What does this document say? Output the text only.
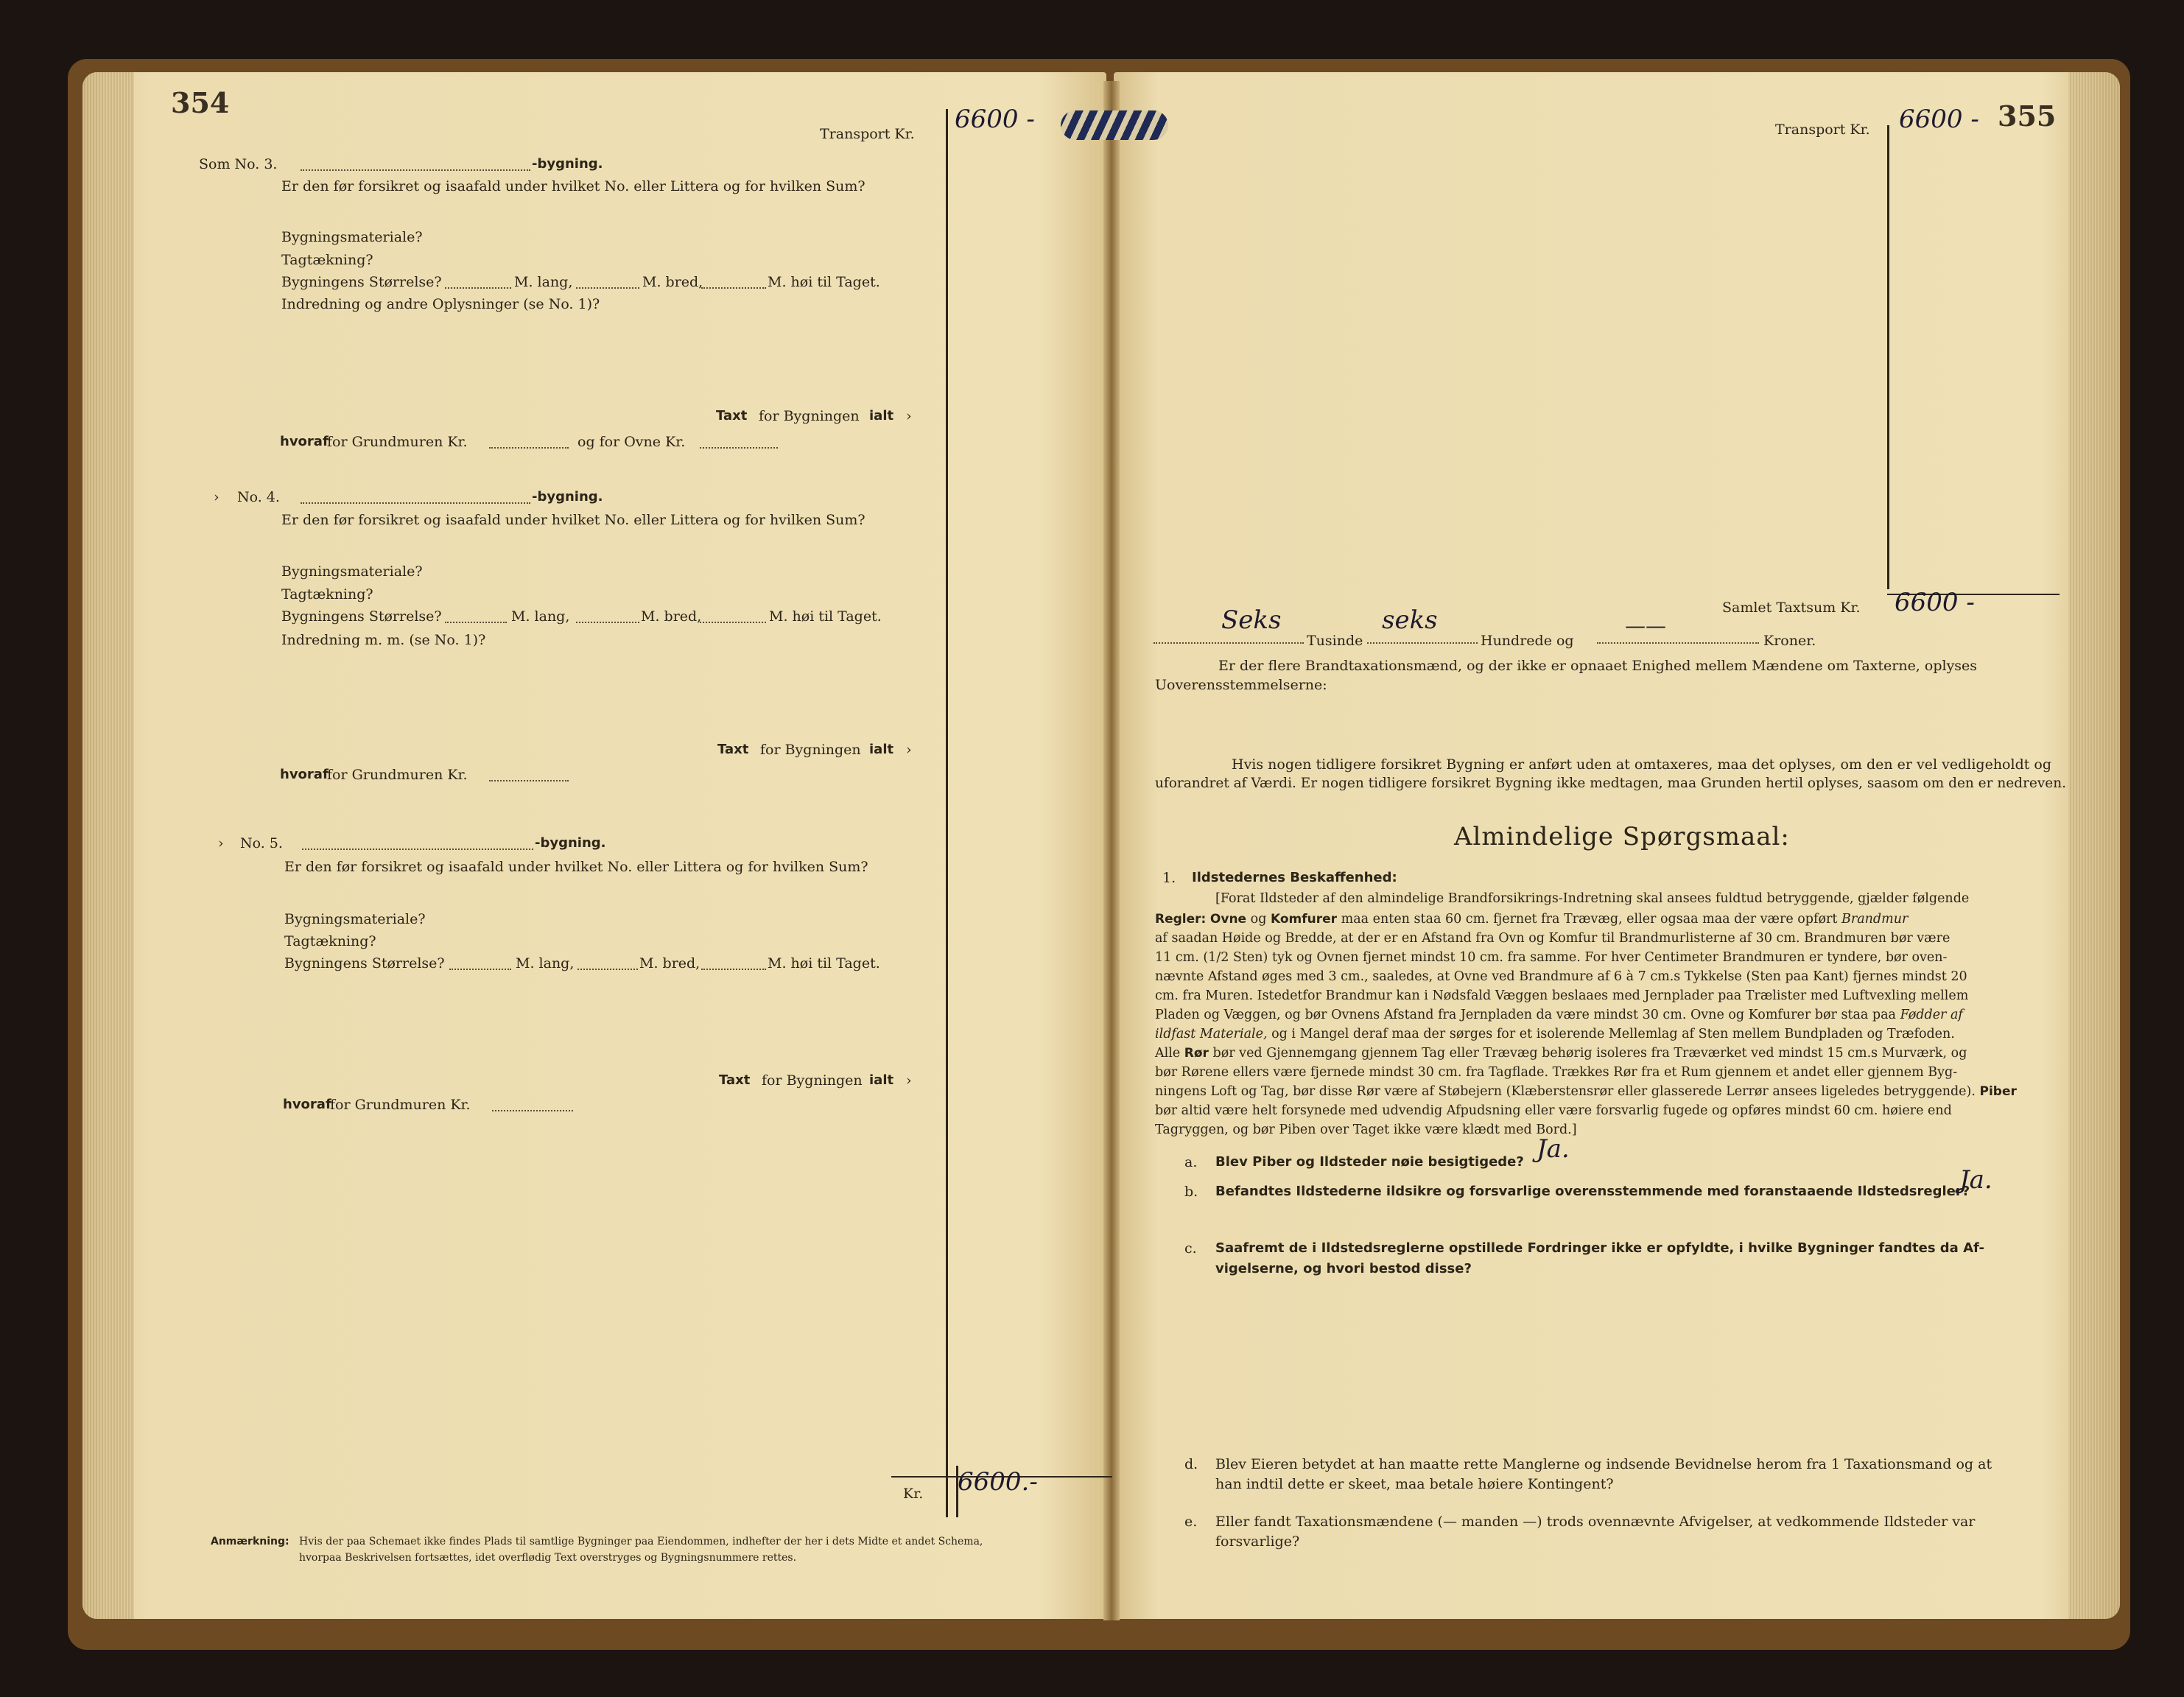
354
Transport Kr. 6600 -
Som No. 3.	-bygning.
Er den før forsikret og isaafald under hvilket No. eller Littera og for hvilken Sum?
Bygningsmateriale?
Tagtækning?
Bygningens Størrelse?	M. lang,	M. bred,	M. høi til Taget.
Indredning og andre Oplysninger (se No. 1)?
Taxt for Bygningen ialt ›
hvoraf
for Grundmuren Kr.	og for Ovne Kr.
› No. 4.	-bygning.
Er den før forsikret og isaafald under hvilket No. eller Littera og for hvilken Sum?
Bygningsmateriale?
Tagtækning?
Bygningens Størrelse?	M. lang,	M. bred,	M. høi til Taget.
Indredning m. m. (se No. 1)?
Taxt for Bygningen ialt ›
hvoraf
for Grundmuren Kr.
› No. 5.	-bygning.
Er den før forsikret og isaafald under hvilket No. eller Littera og for hvilken Sum?
Bygningsmateriale?
Tagtækning?
Bygningens Størrelse?	M. lang,	M. bred,	M. høi til Taget.
Taxt for Bygningen ialt ›
hvoraf
for Grundmuren Kr.
Kr. 6600.-
Anmærkning: Hvis der paa Schemaet ikke findes Plads til samtlige Bygninger paa Eiendommen, indhefter der her i dets Midte et andet Schema,
hvorpaa Beskrivelsen fortsættes, idet overflødig Text overstryges og Bygningsnummere rettes.
Transport Kr. 6600 - 355
Samlet Taxtsum Kr. 6600 -
Seks
Tusinde
seks
Hundrede og
——
Kroner.
Er der flere Brandtaxationsmænd, og der ikke er opnaaet Enighed mellem Mændene om Taxterne, oplyses
Uoverensstemmelserne:
Hvis nogen tidligere forsikret Bygning er anført uden at omtaxeres, maa det oplyses, om den er vel vedligeholdt og
uforandret af Værdi. Er nogen tidligere forsikret Bygning ikke medtagen, maa Grunden hertil oplyses, saasom om den er nedreven.
Almindelige Spørgsmaal:
1. Ildstedernes Beskaffenhed:
[Forat Ildsteder af den almindelige Brandforsikrings-Indretning skal ansees fuldtud betryggende, gjælder følgende
Regler: Ovne og Komfurer maa enten staa 60 cm. fjernet fra Trævæg, eller ogsaa maa der være opført Brandmur
af saadan Høide og Bredde, at der er en Afstand fra Ovn og Komfur til Brandmurlisterne af 30 cm. Brandmuren bør være
11 cm. (1/2 Sten) tyk og Ovnen fjernet mindst 10 cm. fra samme. For hver Centimeter Brandmuren er tyndere, bør oven-
nævnte Afstand øges med 3 cm., saaledes, at Ovne ved Brandmure af 6 à 7 cm.s Tykkelse (Sten paa Kant) fjernes mindst 20
cm. fra Muren. Istedetfor Brandmur kan i Nødsfald Væggen beslaaes med Jernplader paa Trælister med Luftvexling mellem
Pladen og Væggen, og bør Ovnens Afstand fra Jernpladen da være mindst 30 cm. Ovne og Komfurer bør staa paa Fødder af
ildfast Materiale, og i Mangel deraf maa der sørges for et isolerende Mellemlag af Sten mellem Bundpladen og Træfoden.
Alle Rør bør ved Gjennemgang gjennem Tag eller Trævæg behørig isoleres fra Træværket ved mindst 15 cm.s Murværk, og
bør Rørene ellers være fjernede mindst 30 cm. fra Tagflade. Trækkes Rør fra et Rum gjennem et andet eller gjennem Byg-
ningens Loft og Tag, bør disse Rør være af Støbejern (Klæberstensrør eller glasserede Lerrør ansees ligeledes betryggende). Piber
bør altid være helt forsynede med udvendig Afpudsning eller være forsvarlig fugede og opføres mindst 60 cm. høiere end
Tagryggen, og bør Piben over Taget ikke være klædt med Bord.]
a. Blev Piber og Ildsteder nøie besigtigede? Ja.
b. Befandtes Ildstederne ildsikre og forsvarlige overensstemmende med foranstaaende Ildstedsregler?
Ja.
c. Saafremt de i Ildstedsreglerne opstillede Fordringer ikke er opfyldte, i hvilke Bygninger fandtes da Af-
vigelserne, og hvori bestod disse?
d. Blev Eieren betydet at han maatte rette Manglerne og indsende Bevidnelse herom fra 1 Taxationsmand og at
han indtil dette er skeet, maa betale høiere Kontingent?
e. Eller fandt Taxationsmændene (— manden —) trods ovennævnte Afvigelser, at vedkommende Ildsteder var
forsvarlige?
